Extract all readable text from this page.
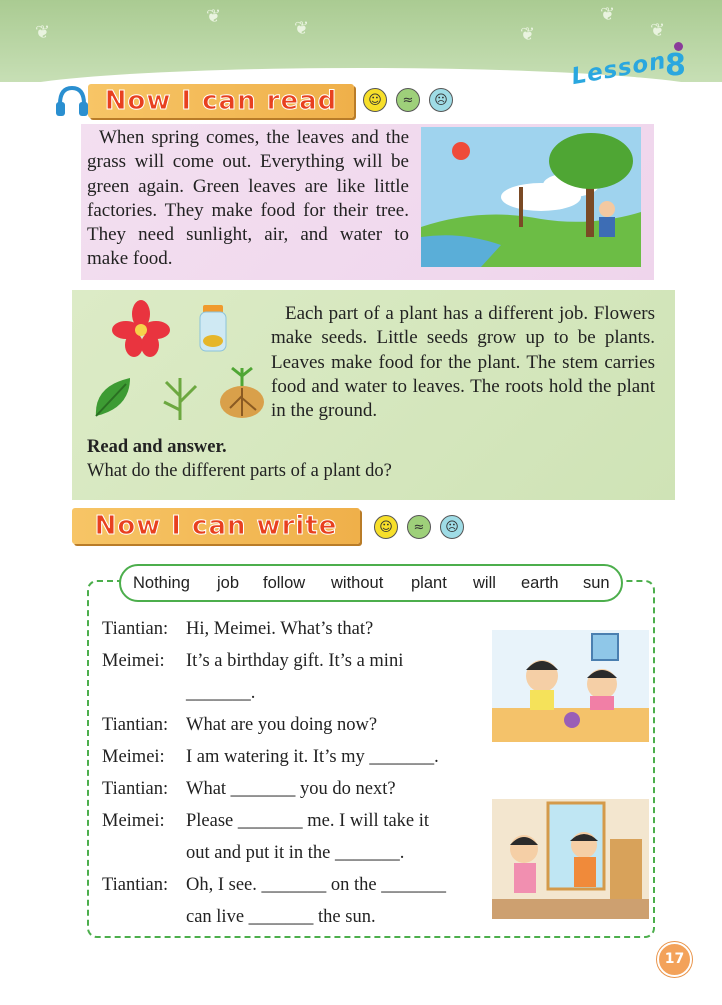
❦
❦
❦	❦
❦
❦
Lesson
8
Now I can read	☺	≈	☹
When spring comes, the leaves and the grass will come out. Everything will be green again. Green leaves are like little factories. They make food for their tree. They need sunlight, air, and water to make food.
Each part of a plant has a different job. Flowers make seeds. Little seeds grow up to be plants. Leaves make food for the plant. The stem carries food and water to leaves. The roots hold the plant in the ground.
Read and answer.
What do the different parts of a plant do?
Now I can write	☺	≈	☹
Nothing job follow without plant will earth sun
Tiantian: Hi, Meimei. What’s that?
Meimei: It’s a birthday gift. It’s a mini
_______.
Tiantian: What are you doing now?
Meimei: I am watering it. It’s my _______.
Tiantian: What _______ you do next?
Meimei: Please _______ me. I will take it
out and put it in the _______.
Tiantian: Oh, I see. _______ on the _______
can live _______ the sun.
17
